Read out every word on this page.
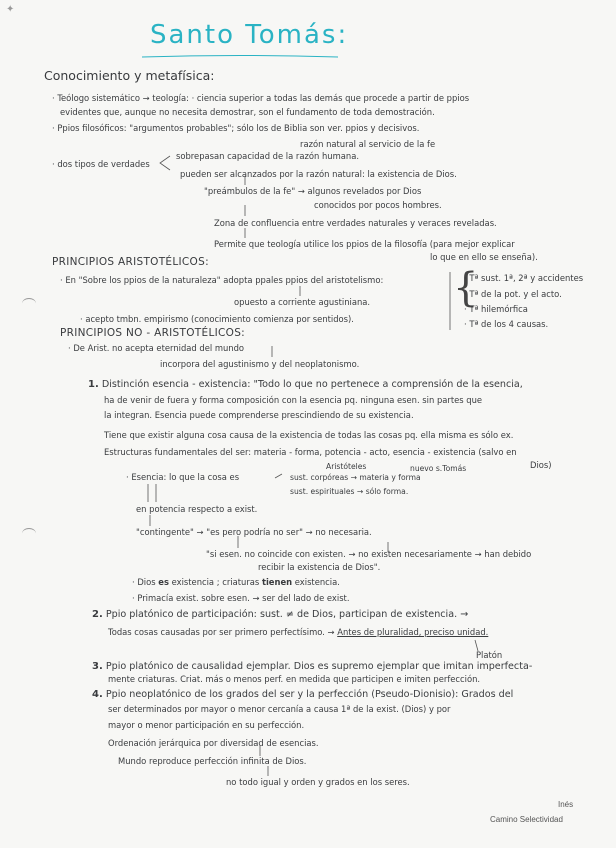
✦
Santo Tomás:
Conocimiento y metafísica:
· Teólogo sistemático → teología: · ciencia superior a todas las demás que procede a partir de ppios
evidentes que, aunque no necesita demostrar, son el fundamento de toda demostración.
· Ppios filosóficos: "argumentos probables"; sólo los de Biblia son ver. ppios y decisivos.
razón natural al servicio de la fe
· dos tipos de verdades
sobrepasan capacidad de la razón humana.
pueden ser alcanzados por la razón natural: la existencia de Dios.
"preámbulos de la fe" → algunos revelados por Dios
conocidos por pocos hombres.
Zona de confluencia entre verdades naturales y veraces reveladas.
Permite que teología utilice los ppios de la filosofía (para mejor explicar
lo que en ello se enseña).
PRINCIPIOS ARISTOTÉLICOS:
· En "Sobre los ppios de la naturaleza" adopta ppales ppios del aristotelismo: {
· Tª sust. 1ª, 2ª y accidentes
· Tª de la pot. y el acto.
· Tª hilemórfica
· Tª de los 4 causas.
opuesto a corriente agustiniana.
· acepto tmbn. empirismo (conocimiento comienza por sentidos).
PRINCIPIOS NO - ARISTOTÉLICOS:
· De Arist. no acepta eternidad del mundo
incorpora del agustinismo y del neoplatonismo.
1. Distinción esencia - existencia: "Todo lo que no pertenece a comprensión de la esencia,
ha de venir de fuera y forma composición con la esencia pq. ninguna esen. sin partes que
la integran. Esencia puede comprenderse prescindiendo de su existencia.
Tiene que existir alguna cosa causa de la existencia de todas las cosas pq. ella misma es sólo ex.
Estructuras fundamentales del ser: materia - forma, potencia - acto, esencia - existencia (salvo en
Dios)
Aristóteles	nuevo s.Tomás
· Esencia: lo que la cosa es	sust. corpóreas → materia y forma
sust. espirituales → sólo forma.
en potencia respecto a exist.
"contingente" → "es pero podría no ser" → no necesaria.
"si esen. no coincide con existen. → no existen necesariamente → han debido
recibir la existencia de Dios".
· Dios es existencia ; criaturas tienen existencia.
· Primacía exist. sobre esen. → ser del lado de exist.
2. Ppio platónico de participación: sust. ≠ de Dios, participan de existencia. →
Todas cosas causadas por ser primero perfectísimo. → Antes de pluralidad, preciso unidad.
Platón
3. Ppio platónico de causalidad ejemplar. Dios es supremo ejemplar que imitan imperfecta-
mente criaturas. Criat. más o menos perf. en medida que participen e imiten perfección.
4. Ppio neoplatónico de los grados del ser y la perfección (Pseudo-Dionisio): Grados del
ser determinados por mayor o menor cercanía a causa 1ª de la exist. (Dios) y por
mayor o menor participación en su perfección.
Ordenación jerárquica por diversidad de esencias.
Mundo reproduce perfección infinita de Dios.
no todo igual y orden y grados en los seres.
Inés
Camino Selectividad
